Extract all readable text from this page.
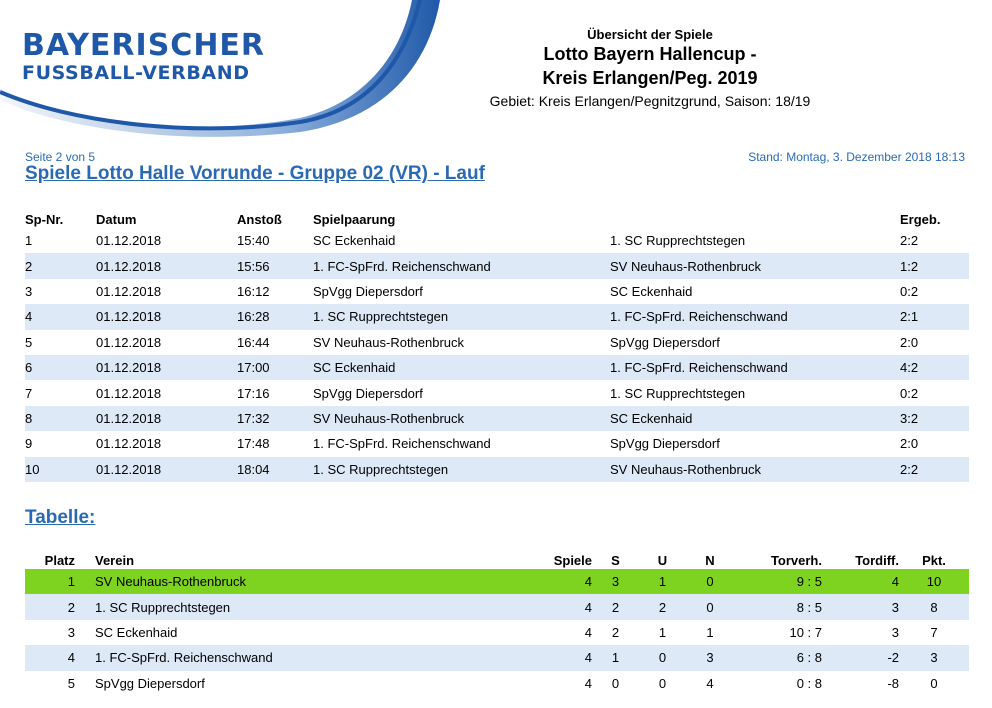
BAYERISCHER
FUSSBALL-VERBAND
Übersicht der Spiele
Lotto Bayern Hallencup -
Kreis Erlangen/Peg. 2019
Gebiet: Kreis Erlangen/Pegnitzgrund, Saison: 18/19
Seite 2 von 5	Stand: Montag, 3. Dezember 2018 18:13
Spiele Lotto Halle Vorrunde - Gruppe 02 (VR) - Lauf
Sp-Nr.	Datum	Anstoß	Spielpaarung		Ergeb.
1	01.12.2018	15:40	SC Eckenhaid	1. SC Rupprechtstegen	2:2
2	01.12.2018	15:56	1. FC-SpFrd. Reichenschwand	SV Neuhaus-Rothenbruck	1:2
3	01.12.2018	16:12	SpVgg Diepersdorf	SC Eckenhaid	0:2
4	01.12.2018	16:28	1. SC Rupprechtstegen	1. FC-SpFrd. Reichenschwand	2:1
5	01.12.2018	16:44	SV Neuhaus-Rothenbruck	SpVgg Diepersdorf	2:0
6	01.12.2018	17:00	SC Eckenhaid	1. FC-SpFrd. Reichenschwand	4:2
7	01.12.2018	17:16	SpVgg Diepersdorf	1. SC Rupprechtstegen	0:2
8	01.12.2018	17:32	SV Neuhaus-Rothenbruck	SC Eckenhaid	3:2
9	01.12.2018	17:48	1. FC-SpFrd. Reichenschwand	SpVgg Diepersdorf	2:0
10	01.12.2018	18:04	1. SC Rupprechtstegen	SV Neuhaus-Rothenbruck	2:2
Tabelle:
Platz	Verein	Spiele	S	U	N	Torverh.	Tordiff.	Pkt.
1	SV Neuhaus-Rothenbruck	4	3	1	0	9 : 5	4	10
2	1. SC Rupprechtstegen	4	2	2	0	8 : 5	3	8
3	SC Eckenhaid	4	2	1	1	10 : 7	3	7
4	1. FC-SpFrd. Reichenschwand	4	1	0	3	6 : 8	-2	3
5	SpVgg Diepersdorf	4	0	0	4	0 : 8	-8	0
